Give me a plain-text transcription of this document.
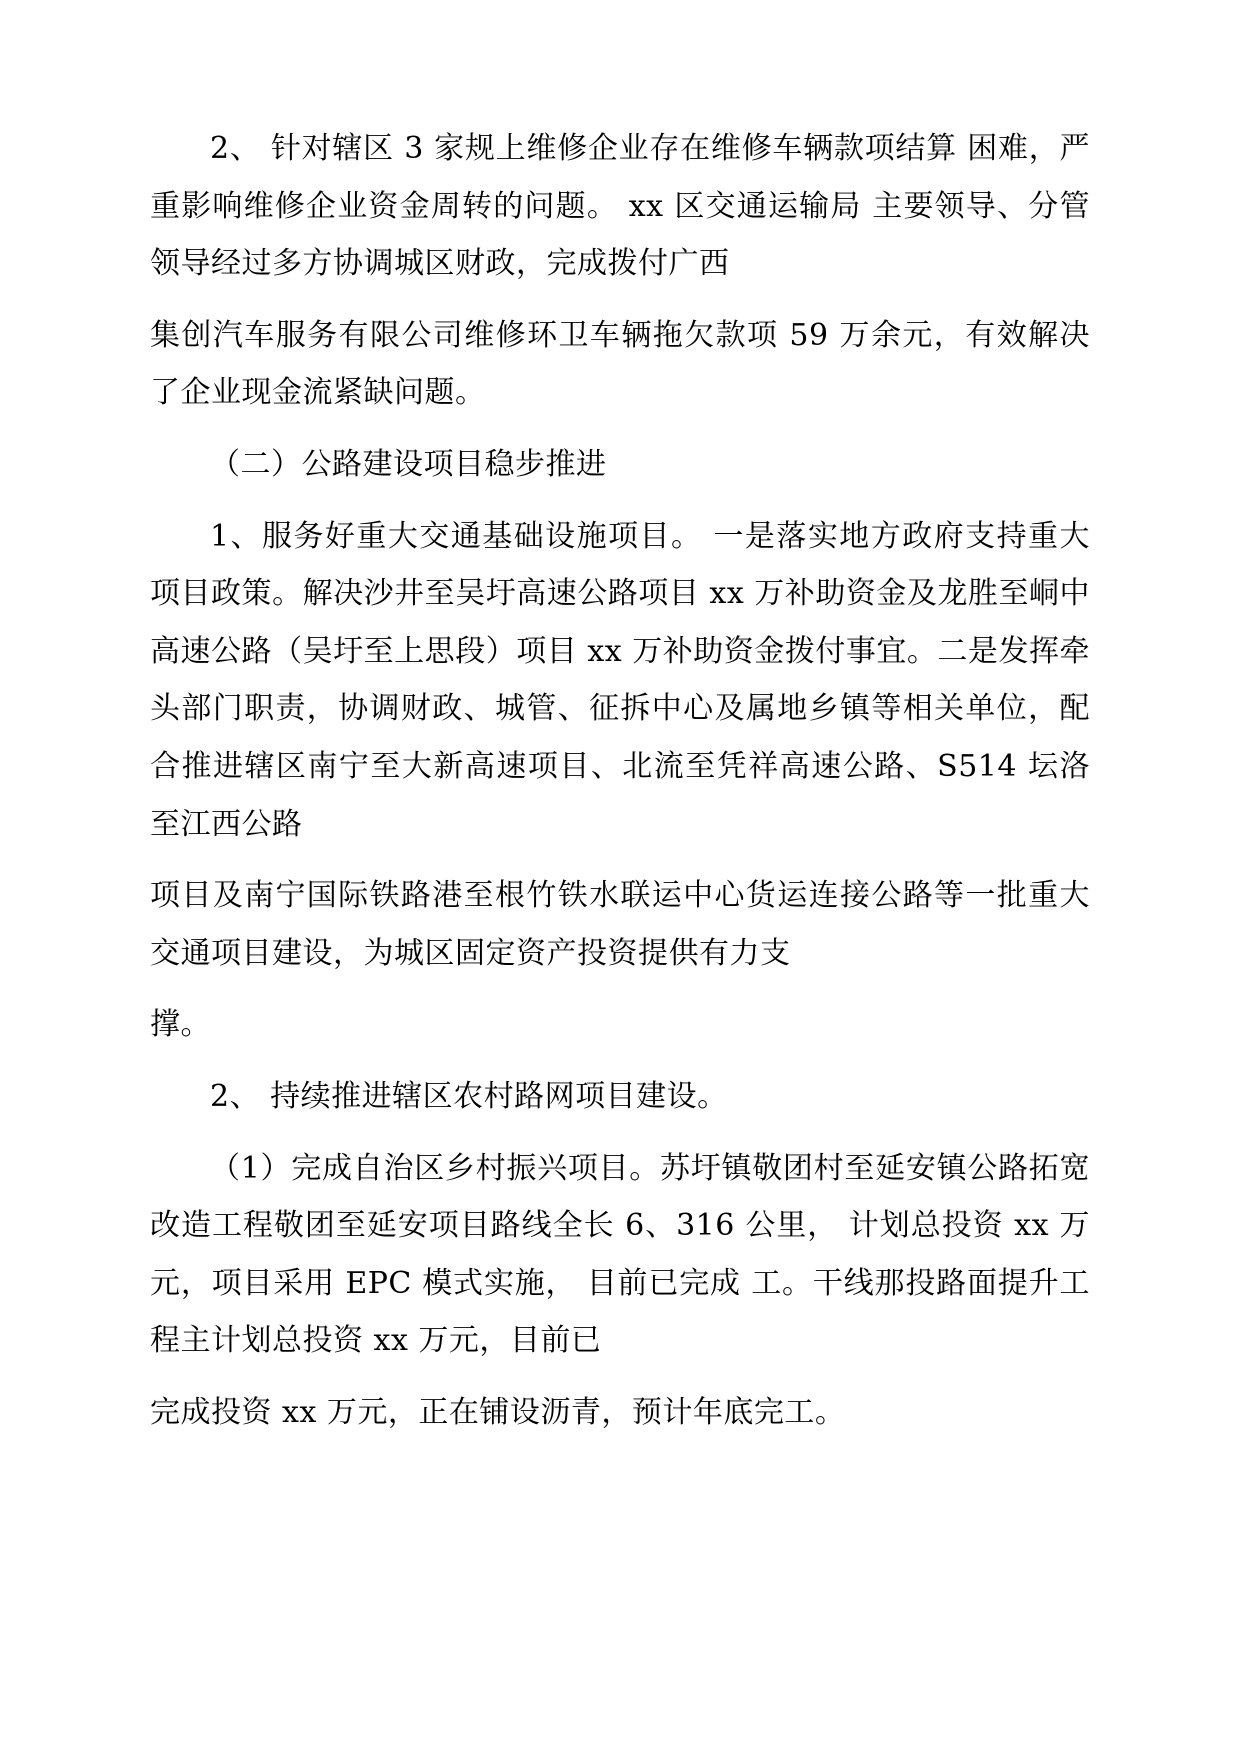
2、 针对辖区 3 家规上维修企业存在维修车辆款项结算 困难，严重影响维修企业资金周转的问题。 xx 区交通运输局 主要领导、分管领导经过多方协调城区财政，完成拨付广西

集创汽车服务有限公司维修环卫车辆拖欠款项 59 万余元，有效解决了企业现金流紧缺问题。

（二）公路建设项目稳步推进

1、服务好重大交通基础设施项目。 一是落实地方政府支持重大项目政策。解决沙井至吴圩高速公路项目 xx 万补助资金及龙胜至峒中高速公路（吴圩至上思段）项目 xx 万补助资金拨付事宜。二是发挥牵头部门职责，协调财政、城管、征拆中心及属地乡镇等相关单位，配合推进辖区南宁至大新高速项目、北流至凭祥高速公路、S514 坛洛至江西公路

项目及南宁国际铁路港至根竹铁水联运中心货运连接公路等一批重大交通项目建设，为城区固定资产投资提供有力支

撑。

2、 持续推进辖区农村路网项目建设。

（1）完成自治区乡村振兴项目。苏圩镇敬团村至延安镇公路拓宽改造工程敬团至延安项目路线全长 6、316 公里， 计划总投资 xx 万元，项目采用 EPC 模式实施， 目前已完成 工。干线那投路面提升工程主计划总投资 xx 万元，目前已

完成投资 xx 万元，正在铺设沥青，预计年底完工。
